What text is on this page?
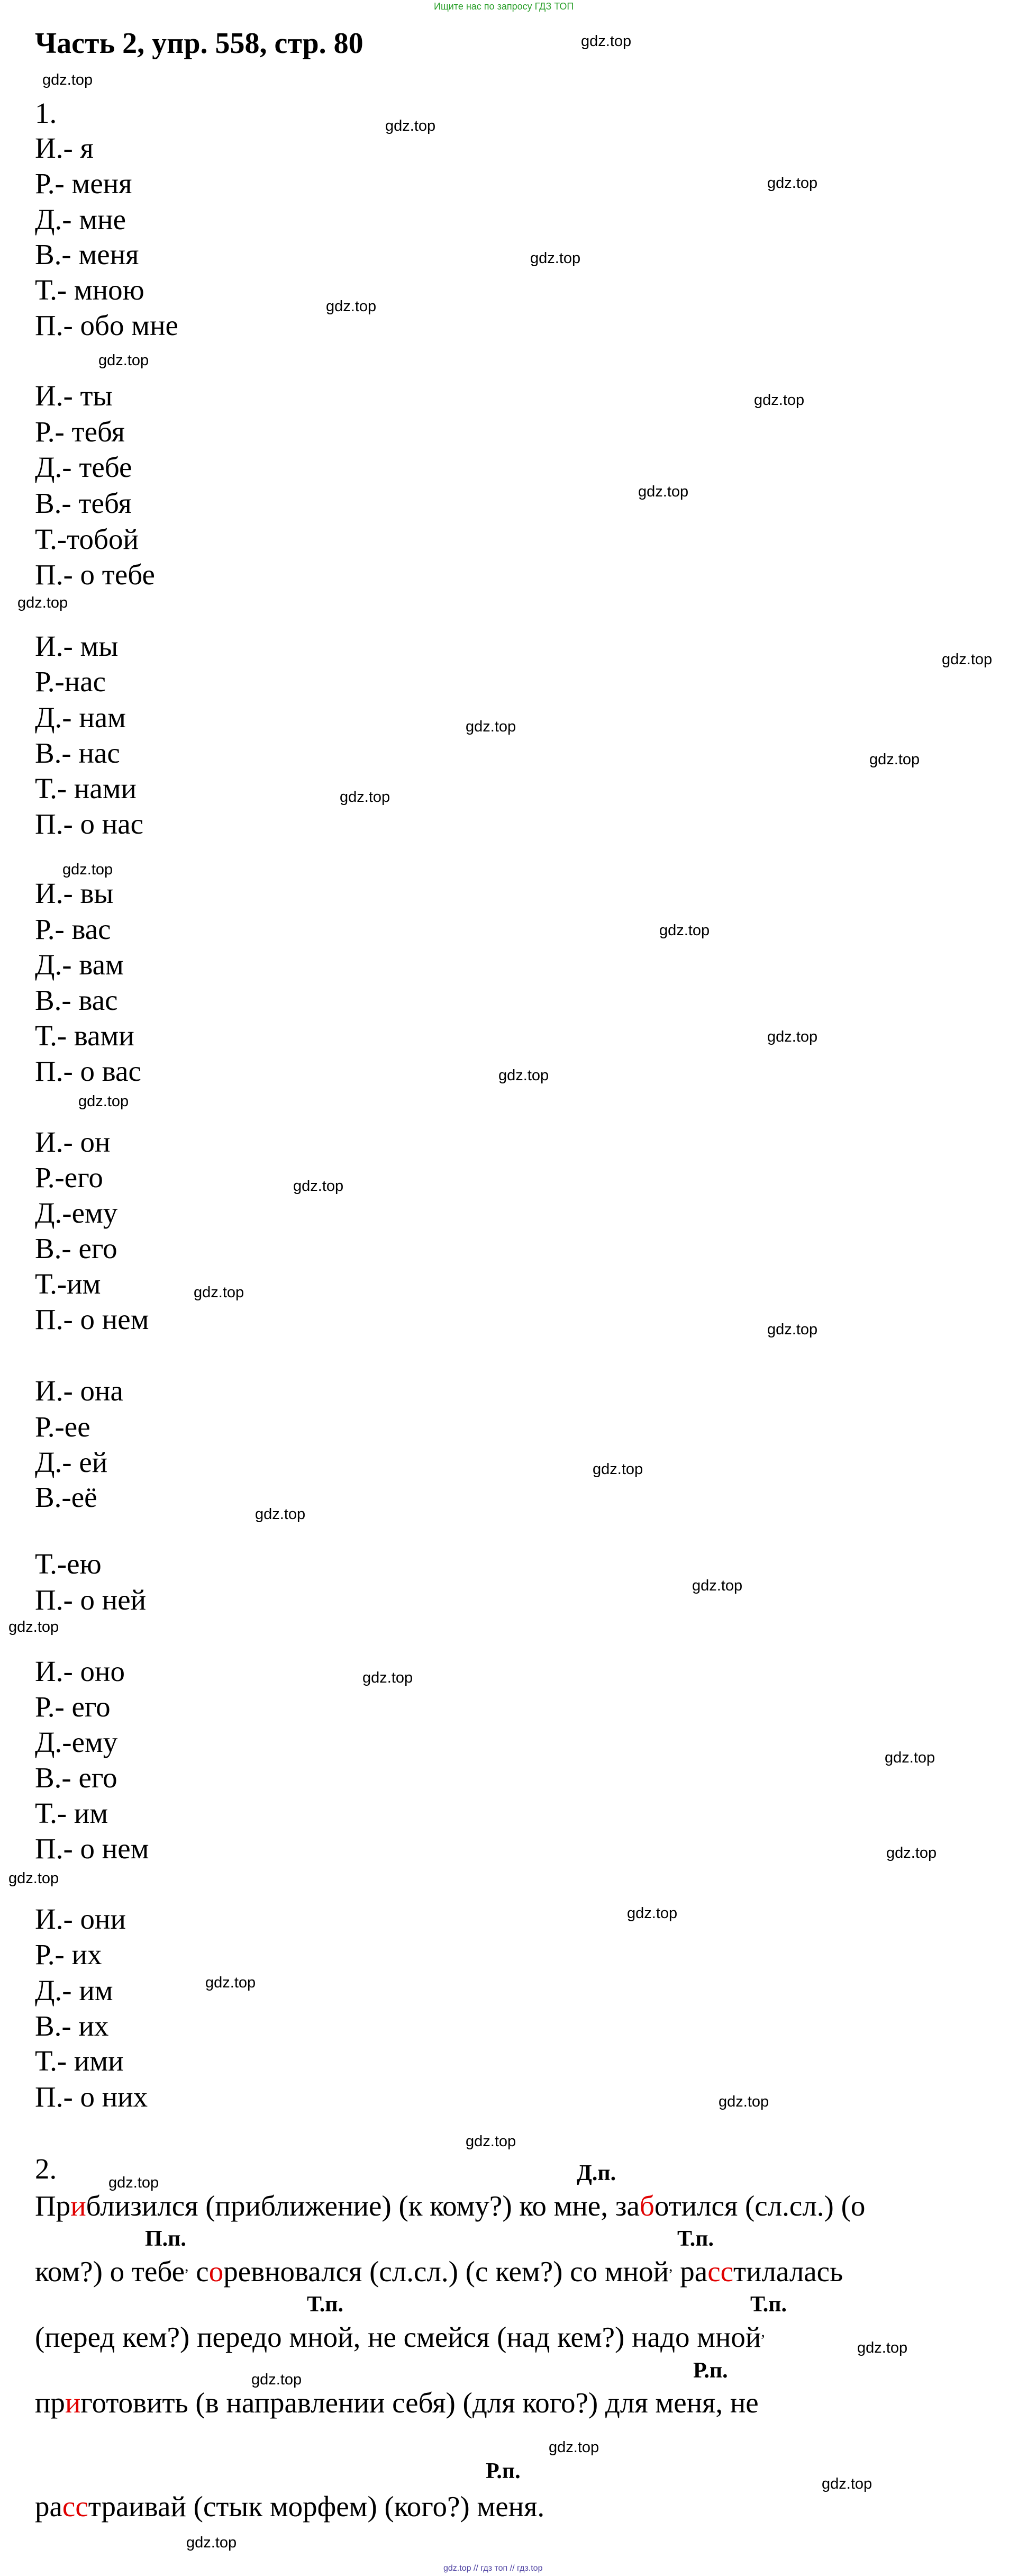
Ищите нас по запросу ГДЗ ТОП
Часть 2, упр. 558, стр. 80	gdz.top
gdz.top
gdz.top
gdz.top
gdz.top
gdz.top
gdz.top
gdz.top
gdz.top
gdz.top
gdz.top
gdz.top
gdz.top
gdz.top
gdz.top
gdz.top
gdz.top
gdz.top
gdz.top
gdz.top
gdz.top
gdz.top
gdz.top
gdz.top
gdz.top
gdz.top
gdz.top
gdz.top
gdz.top
gdz.top
gdz.top
gdz.top
gdz.top
gdz.top
gdz.top
gdz.top
gdz.top
gdz.top
gdz.top
gdz.top
1.
И.- я
Р.- меня
Д.- мне
В.- меня
Т.- мною
П.- обо мне
И.- ты
Р.- тебя
Д.- тебе
В.- тебя
Т.-тобой
П.- о тебе
И.- мы
Р.-нас
Д.- нам
В.- нас
Т.- нами
П.- о нас
И.- вы
Р.- вас
Д.- вам
В.- вас
Т.- вами
П.- о вас
И.- он
Р.-его
Д.-ему
В.- его
Т.-им
П.- о нем
И.- она
Р.-ее
Д.- ей
В.-её
Т.-ею
П.- о ней
И.- оно
Р.- его
Д.-ему
В.- его
Т.- им
П.- о нем
И.- они
Р.- их
Д.- им
В.- их
Т.- ими
П.- о них
2.	Д.п.
П.п.	Т.п.
Т.п.	Т.п.
Р.п.
Р.п.
Приблизился (приближение) (к кому?) ко мне, заботился (сл.сл.) (о
ком?) о тебе, соревновался (сл.сл.) (с кем?) со мной, расстилалась
(перед кем?) передо мной, не смейся (над кем?) надо мной,
приготовить (в направлении себя) (для кого?) для меня, не
расстраивай (стык морфем) (кого?) меня.
gdz.top // гдз топ // гдз.top
